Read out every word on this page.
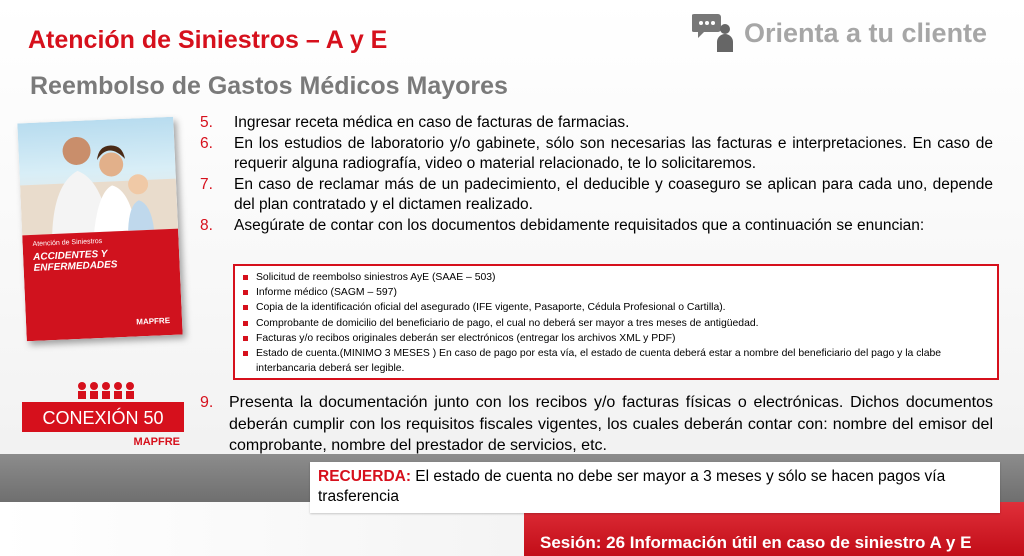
Atención de Siniestros – A y E
Reembolso de Gastos Médicos Mayores
Orienta a tu cliente
Atención de Siniestros
ACCIDENTES Y
ENFERMEDADES
MAPFRE
5. Ingresar receta médica en caso de facturas de farmacias.
6. En los estudios de laboratorio y/o gabinete, sólo son necesarias las facturas e interpretaciones. En caso de requerir alguna radiografía, video o material relacionado, te lo solicitaremos.
7. En caso de reclamar más de un padecimiento, el deducible y coaseguro se aplican para cada uno, depende del plan contratado y el dictamen realizado.
8. Asegúrate de contar con los documentos debidamente requisitados que a continuación se enuncian:
Solicitud de reembolso siniestros AyE (SAAE – 503)
Informe médico (SAGM – 597)
Copia de la identificación oficial del asegurado (IFE vigente, Pasaporte, Cédula Profesional o Cartilla).
Comprobante de domicilio del beneficiario de pago, el cual no deberá ser mayor a tres meses de antigüedad.
Facturas y/o recibos originales deberán ser electrónicos (entregar los archivos XML y PDF)
Estado de cuenta.(MINIMO 3 MESES ) En caso de pago por esta vía, el estado de cuenta deberá estar a nombre del beneficiario del pago y la clabe interbancaria deberá ser legible.
CONEXIÓN 50
MAPFRE
9. Presenta la documentación junto con los recibos y/o facturas físicas o electrónicas. Dichos documentos deberán cumplir con los requisitos fiscales vigentes, los cuales deberán contar con: nombre del emisor del comprobante, nombre del prestador de servicios, etc.
RECUERDA: El estado de cuenta no debe ser mayor a 3 meses y sólo se hacen pagos vía trasferencia
Sesión: 26 Información útil en caso de siniestro A y E
